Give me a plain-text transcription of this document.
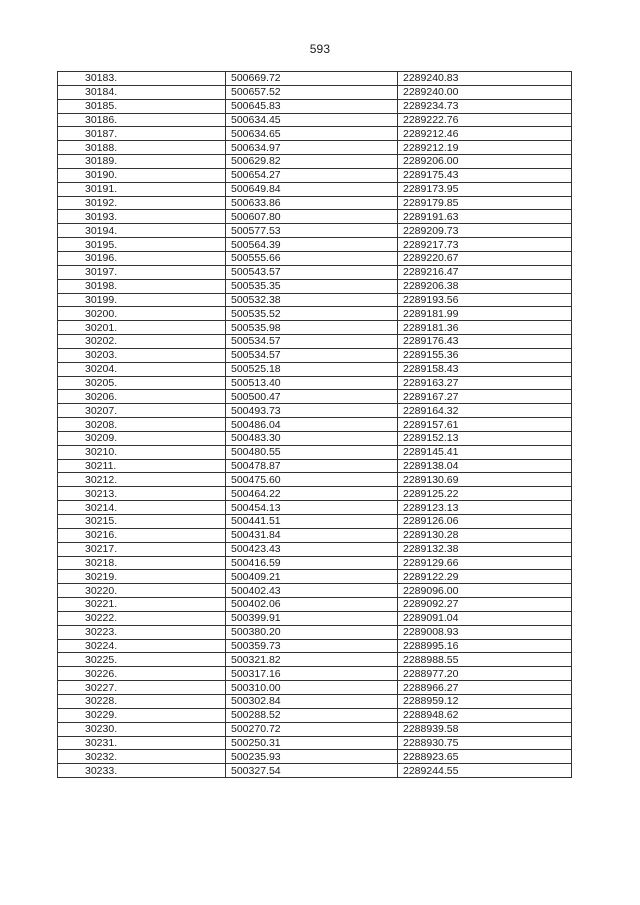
593
30183.	500669.72	2289240.83
30184.	500657.52	2289240.00
30185.	500645.83	2289234.73
30186.	500634.45	2289222.76
30187.	500634.65	2289212.46
30188.	500634.97	2289212.19
30189.	500629.82	2289206.00
30190.	500654.27	2289175.43
30191.	500649.84	2289173.95
30192.	500633.86	2289179.85
30193.	500607.80	2289191.63
30194.	500577.53	2289209.73
30195.	500564.39	2289217.73
30196.	500555.66	2289220.67
30197.	500543.57	2289216.47
30198.	500535.35	2289206.38
30199.	500532.38	2289193.56
30200.	500535.52	2289181.99
30201.	500535.98	2289181.36
30202.	500534.57	2289176.43
30203.	500534.57	2289155.36
30204.	500525.18	2289158.43
30205.	500513.40	2289163.27
30206.	500500.47	2289167.27
30207.	500493.73	2289164.32
30208.	500486.04	2289157.61
30209.	500483.30	2289152.13
30210.	500480.55	2289145.41
30211.	500478.87	2289138.04
30212.	500475.60	2289130.69
30213.	500464.22	2289125.22
30214.	500454.13	2289123.13
30215.	500441.51	2289126.06
30216.	500431.84	2289130.28
30217.	500423.43	2289132.38
30218.	500416.59	2289129.66
30219.	500409.21	2289122.29
30220.	500402.43	2289096.00
30221.	500402.06	2289092.27
30222.	500399.91	2289091.04
30223.	500380.20	2289008.93
30224.	500359.73	2288995.16
30225.	500321.82	2288988.55
30226.	500317.16	2288977.20
30227.	500310.00	2288966.27
30228.	500302.84	2288959.12
30229.	500288.52	2288948.62
30230.	500270.72	2288939.58
30231.	500250.31	2288930.75
30232.	500235.93	2288923.65
30233.	500327.54	2289244.55
